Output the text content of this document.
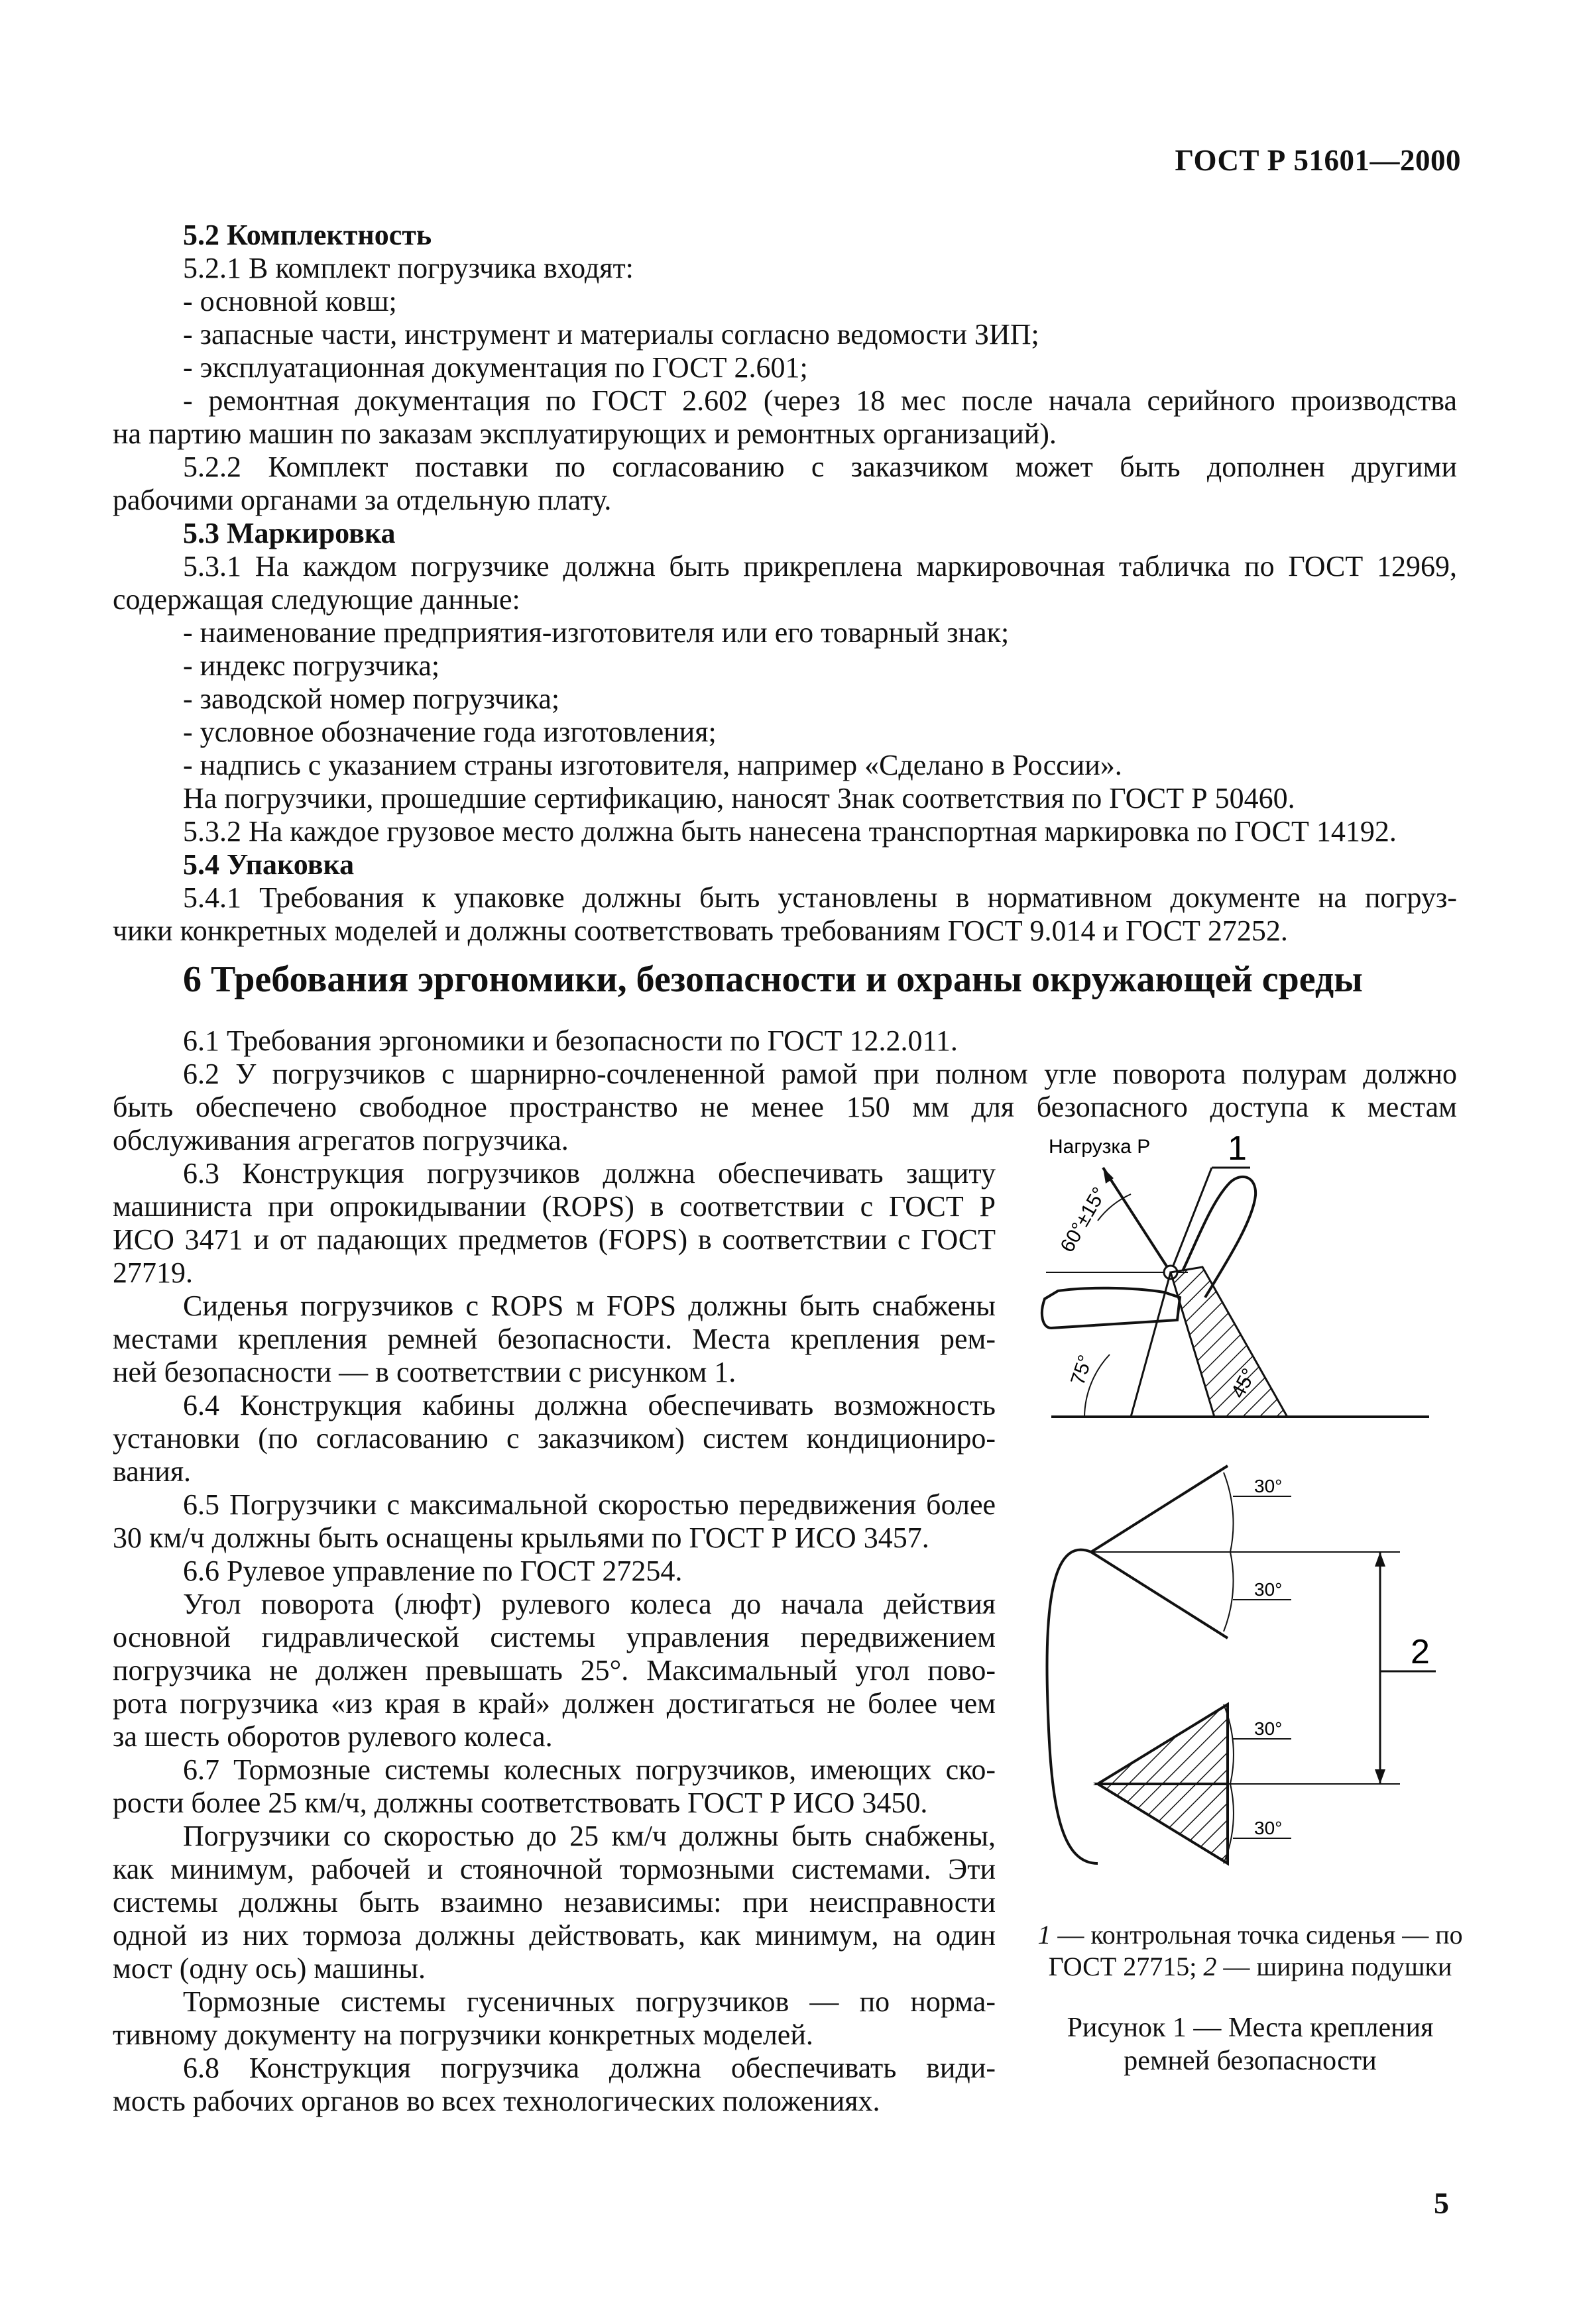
ГОСТ Р 51601—2000

5.2 Комплектность

5.2.1 В комплект погрузчика входят:

- основной ковш;

- запасные части, инструмент и материалы согласно ведомости ЗИП;

- эксплуатационная документация по ГОСТ 2.601;

- ремонтная документация по ГОСТ 2.602 (через 18 мес после начала серийного производства

на партию машин по заказам эксплуатирующих и ремонтных организаций).

5.2.2 Комплект поставки по согласованию с заказчиком может быть дополнен другими

рабочими органами за отдельную плату.

5.3 Маркировка

5.3.1 На каждом погрузчике должна быть прикреплена маркировочная табличка по ГОСТ 12969,

содержащая следующие данные:

- наименование предприятия-изготовителя или его товарный знак;

- индекс погрузчика;

- заводской номер погрузчика;

- условное обозначение года изготовления;

- надпись с указанием страны изготовителя, например «Сделано в России».

На погрузчики, прошедшие сертификацию, наносят Знак соответствия по ГОСТ Р 50460.

5.3.2 На каждое грузовое место должна быть нанесена транспортная маркировка по ГОСТ 14192.

5.4 Упаковка

5.4.1 Требования к упаковке должны быть установлены в нормативном документе на погруз-

чики конкретных моделей и должны соответствовать требованиям ГОСТ 9.014 и ГОСТ 27252.

6 Требования эргономики, безопасности и охраны окружающей среды

6.1 Требования эргономики и безопасности по ГОСТ 12.2.011.

6.2 У погрузчиков с шарнирно-сочлененной рамой при полном угле поворота полурам должно

быть обеспечено свободное пространство не менее 150 мм для безопасного доступа к местам

обслуживания агрегатов погрузчика.

6.3 Конструкция погрузчиков должна обеспечивать защиту

машиниста при опрокидывании (ROPS) в соответствии с ГОСТ Р

ИСО 3471 и от падающих предметов (FOPS) в соответствии с ГОСТ

27719.

Сиденья погрузчиков с ROPS м FOPS должны быть снабжены

местами крепления ремней безопасности. Места крепления рем-

ней безопасности — в соответствии с рисунком 1.

6.4 Конструкция кабины должна обеспечивать возможность

установки (по согласованию с заказчиком) систем кондициониро-

вания.

6.5 Погрузчики с максимальной скоростью передвижения более

30 км/ч должны быть оснащены крыльями по ГОСТ Р ИСО 3457.

6.6 Рулевое управление по ГОСТ 27254.

Угол поворота (люфт) рулевого колеса до начала действия

основной гидравлической системы управления передвижением

погрузчика не должен превышать 25°. Максимальный угол пово-

рота погрузчика «из края в край» должен достигаться не более чем

за шесть оборотов рулевого колеса.

6.7 Тормозные системы колесных погрузчиков, имеющих ско-

рости более 25 км/ч, должны соответствовать ГОСТ Р ИСО 3450.

Погрузчики со скоростью до 25 км/ч должны быть снабжены,

как минимум, рабочей и стояночной тормозными системами. Эти

системы должны быть взаимно независимы: при неисправности

одной из них тормоза должны действовать, как минимум, на один

мост (одну ось) машины.

Тормозные системы гусеничных погрузчиков — по норма-

тивному документу на погрузчики конкретных моделей.

6.8 Конструкция погрузчика должна обеспечивать види-

мость рабочих органов во всех технологических положениях.

Нагрузка P 1
60°±15°
75°	45°
30°
30°
30°
30°
2

1 — контрольная точка сиденья — по ГОСТ 27715; 2 — ширина подушки

Рисунок 1 — Места крепления

ремней безопасности

5
